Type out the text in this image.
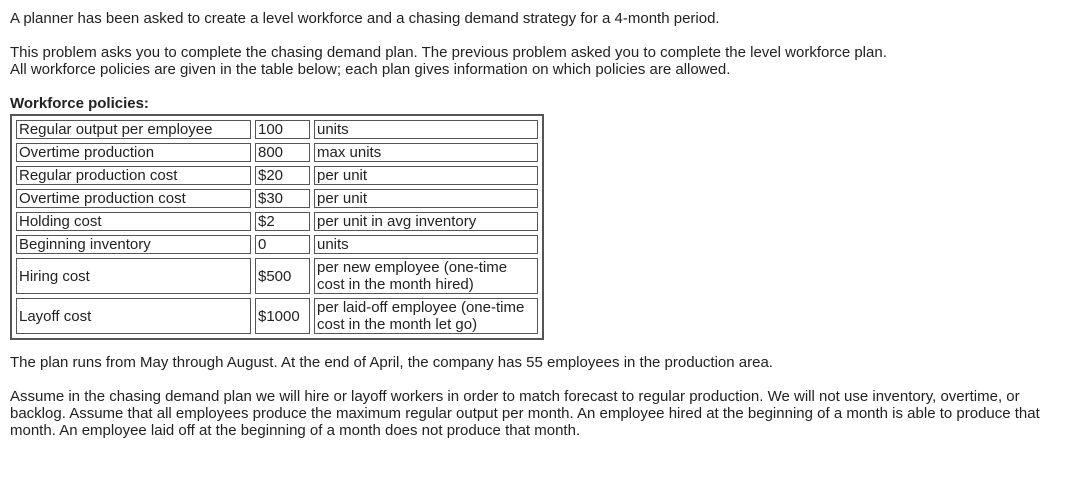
A planner has been asked to create a level workforce and a chasing demand strategy for a 4-month period.

This problem asks you to complete the chasing demand plan. The previous problem asked you to complete the level workforce plan.

All workforce policies are given in the table below; each plan gives information on which policies are allowed.

Workforce policies:

Regular output per employee	100	units
Overtime production	800	max units
Regular production cost	$20	per unit
Overtime production cost	$30	per unit
Holding cost	$2	per unit in avg inventory
Beginning inventory	0	units
Hiring cost	$500	per new employee (one-time cost in the month hired)
Layoff cost	$1000	per laid-off employee (one-time cost in the month let go)

The plan runs from May through August. At the end of April, the company has 55 employees in the production area.

Assume in the chasing demand plan we will hire or layoff workers in order to match forecast to regular production. We will not use inventory, overtime, or backlog. Assume that all employees produce the maximum regular output per month. An employee hired at the beginning of a month is able to produce that month. An employee laid off at the beginning of a month does not produce that month.
